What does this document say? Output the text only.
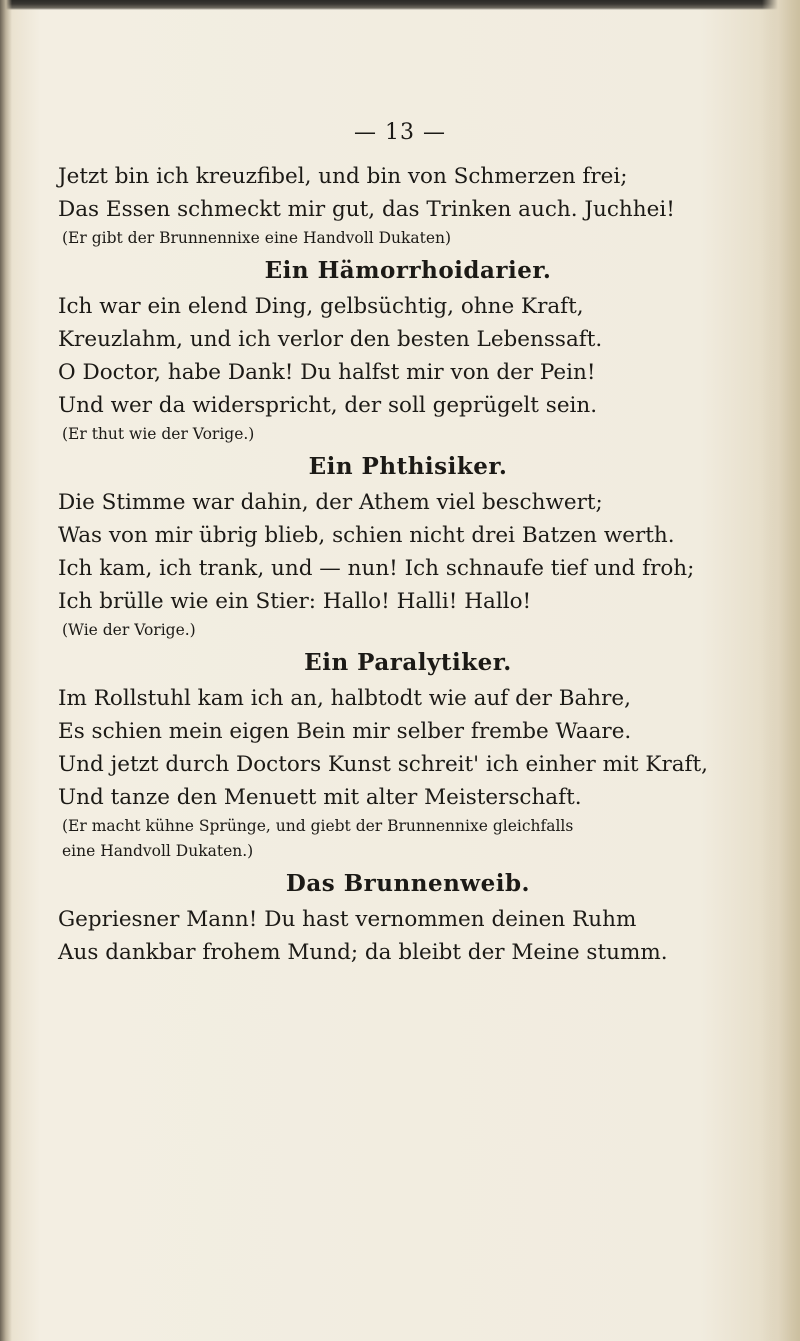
— 13 —
Jetzt bin ich kreuzfibel, und bin von Schmerzen frei;
Das Essen schmeckt mir gut, das Trinken auch. Juchhei!
(Er gibt der Brunnennixe eine Handvoll Dukaten)
Ein Hämorrhoidarier.
Ich war ein elend Ding, gelbsüchtig, ohne Kraft,
Kreuzlahm, und ich verlor den besten Lebenssaft.
O Doctor, habe Dank! Du halfst mir von der Pein!
Und wer da widerspricht, der soll geprügelt sein.
(Er thut wie der Vorige.)
Ein Phthisiker.
Die Stimme war dahin, der Athem viel beschwert;
Was von mir übrig blieb, schien nicht drei Batzen werth.
Ich kam, ich trank, und — nun! Ich schnaufe tief und froh;
Ich brülle wie ein Stier: Hallo! Halli! Hallo!
(Wie der Vorige.)
Ein Paralytiker.
Im Rollstuhl kam ich an, halbtodt wie auf der Bahre,
Es schien mein eigen Bein mir selber frembe Waare.
Und jetzt durch Doctors Kunst schreit' ich einher mit Kraft,
Und tanze den Menuett mit alter Meisterschaft.
(Er macht kühne Sprünge, und giebt der Brunnennixe gleichfalls
eine Handvoll Dukaten.)
Das Brunnenweib.
Gepriesner Mann! Du hast vernommen deinen Ruhm
Aus dankbar frohem Mund; da bleibt der Meine stumm.
